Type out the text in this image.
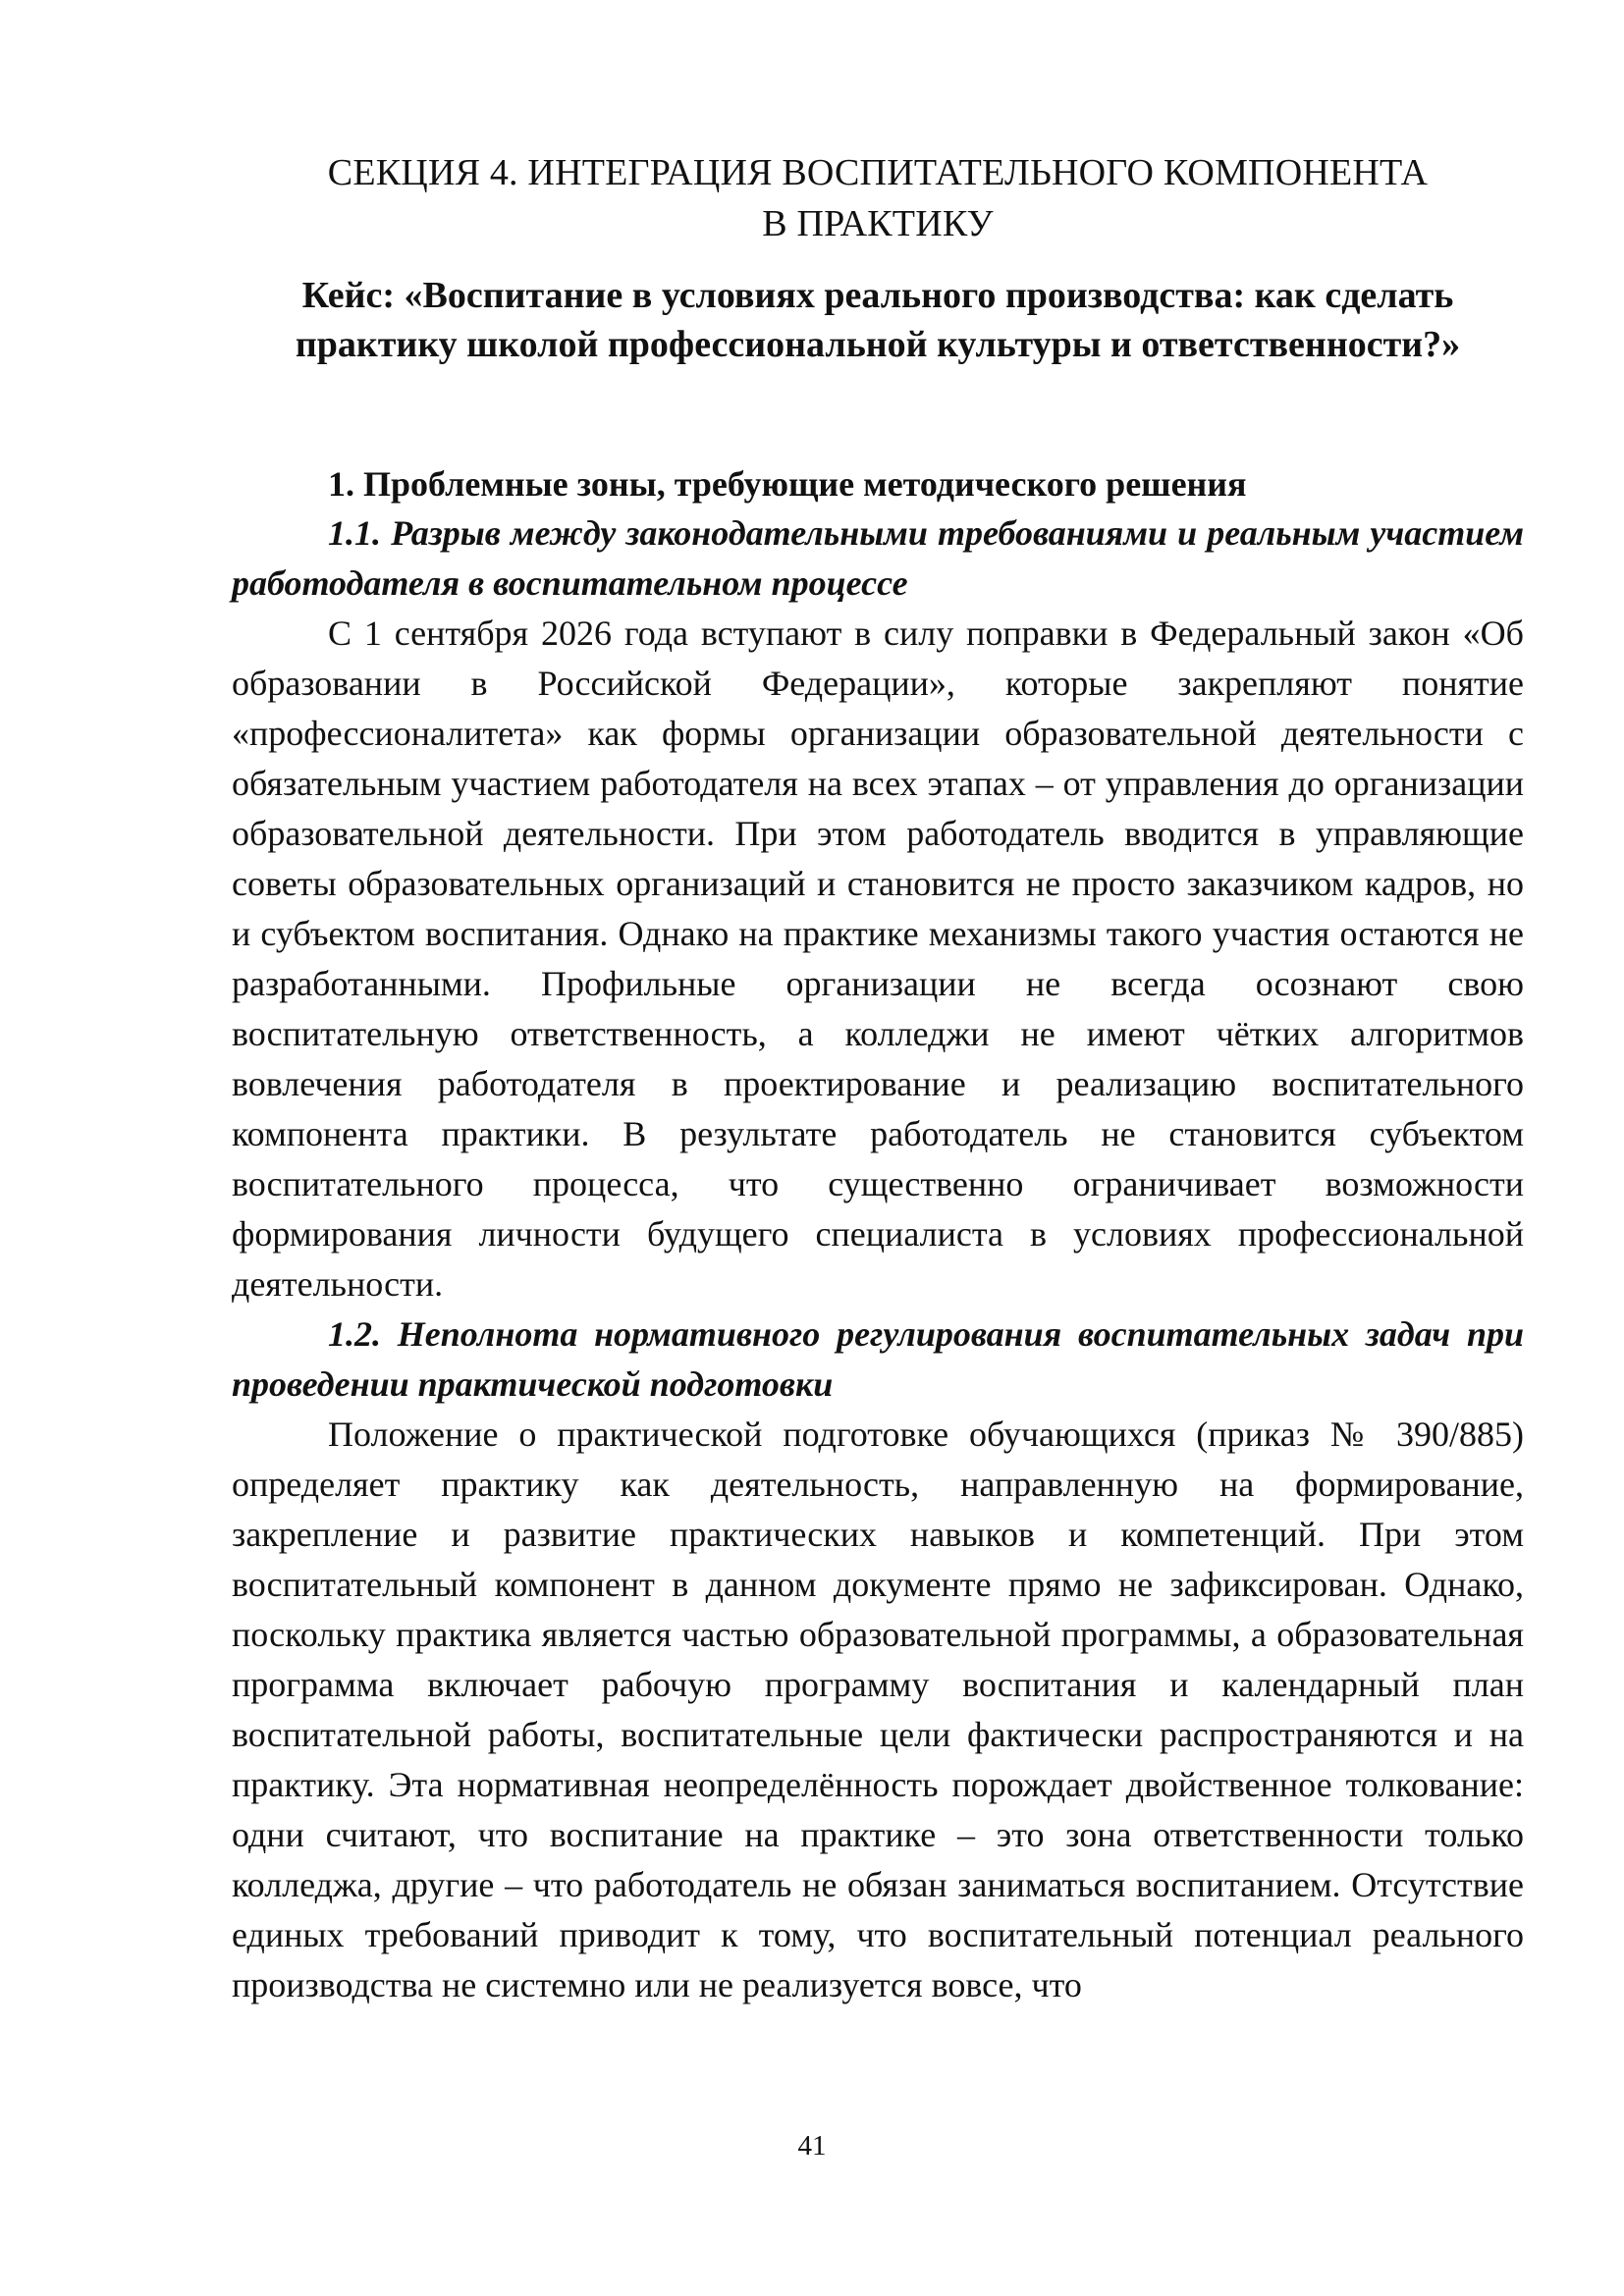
СЕКЦИЯ 4. ИНТЕГРАЦИЯ ВОСПИТАТЕЛЬНОГО КОМПОНЕНТА

В ПРАКТИКУ

Кейс: «Воспитание в условиях реального производства: как сделать
практику школой профессиональной культуры и ответственности?»

1. Проблемные зоны, требующие методического решения

1.1. Разрыв между законодательными требованиями и реальным участием работодателя в воспитательном процессе

С 1 сентября 2026 года вступают в силу поправки в Федеральный закон «Об образовании в Российской Федерации», которые закрепляют понятие «профессионалитета» как формы организации образовательной деятельности с обязательным участием работодателя на всех этапах – от управления до организации образовательной деятельности. При этом работодатель вводится в управляющие советы образовательных организаций и становится не просто заказчиком кадров, но и субъектом воспитания. Однако на практике механизмы такого участия остаются не разработанными. Профильные организации не всегда осознают свою воспитательную ответственность, а колледжи не имеют чётких алгоритмов вовлечения работодателя в проектирование и реализацию воспитательного компонента практики. В результате работодатель не становится субъектом воспитательного процесса, что существенно ограничивает возможности формирования личности будущего специалиста в условиях профессиональной деятельности.

1.2. Неполнота нормативного регулирования воспитательных задач при проведении практической подготовки

Положение о практической подготовке обучающихся (приказ № 390/885) определяет практику как деятельность, направленную на формирование, закрепление и развитие практических навыков и компетенций. При этом воспитательный компонент в данном документе прямо не зафиксирован. Однако, поскольку практика является частью образовательной программы, а образовательная программа включает рабочую программу воспитания и календарный план воспитательной работы, воспитательные цели фактически распространяются и на практику. Эта нормативная неопределённость порождает двойственное толкование: одни считают, что воспитание на практике – это зона ответственности только колледжа, другие – что работодатель не обязан заниматься воспитанием. Отсутствие единых требований приводит к тому, что воспитательный потенциал реального производства не системно или не реализуется вовсе, что

41
